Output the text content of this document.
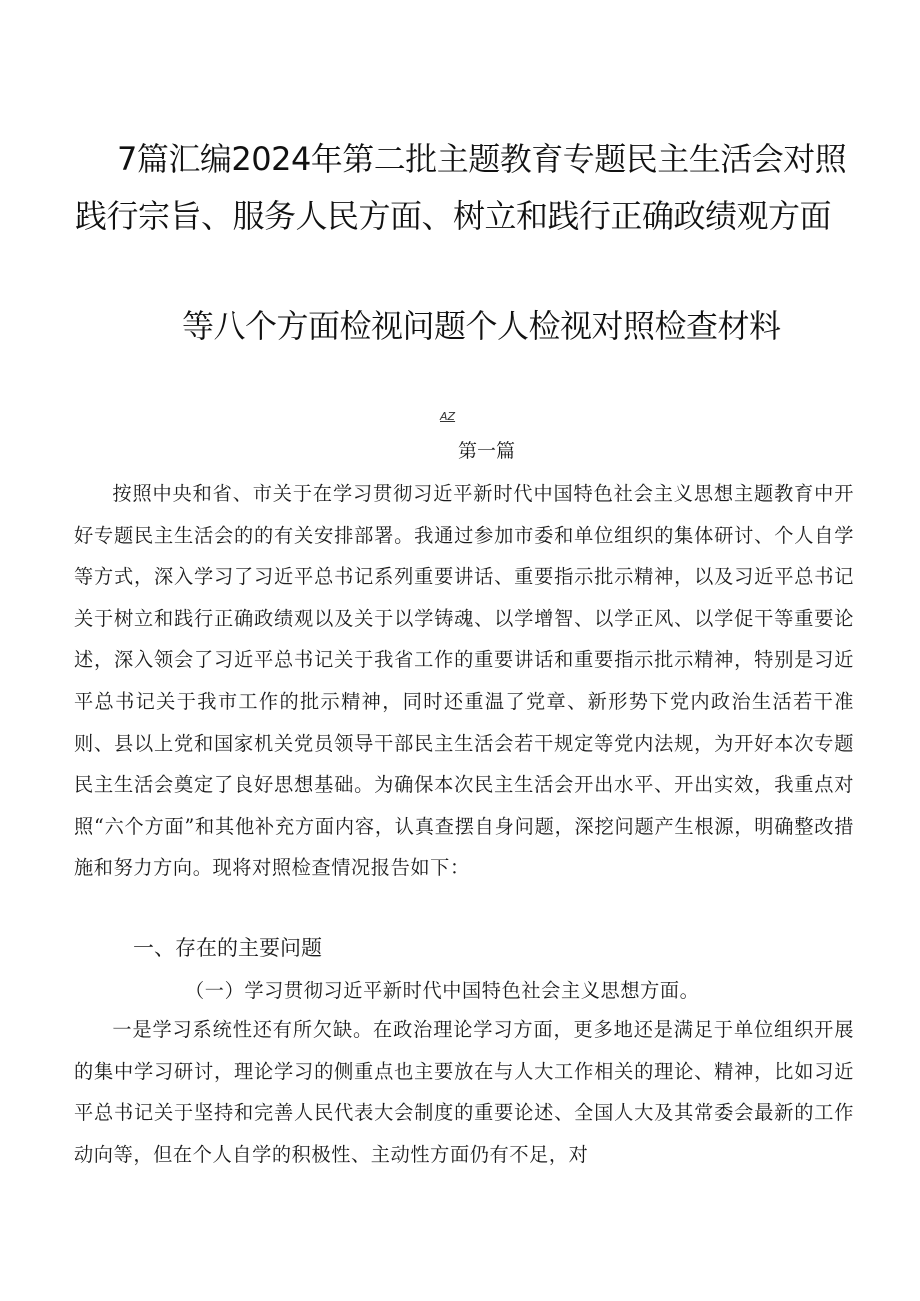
7篇汇编2024年第二批主题教育专题民主生活会对照
践行宗旨、服务人民方面、树立和践行正确政绩观方面
等八个方面检视问题个人检视对照检查材料
AZ
第一篇

按照中央和省、市关于在学习贯彻习近平新时代中国特色社会主义思想主题教育中开好专题民主生活会的的有关安排部署。我通过参加市委和单位组织的集体研讨、个人自学等方式，深入学习了习近平总书记系列重要讲话、重要指示批示精神，以及习近平总书记关于树立和践行正确政绩观以及关于以学铸魂、以学增智、以学正风、以学促干等重要论述，深入领会了习近平总书记关于我省工作的重要讲话和重要指示批示精神，特别是习近平总书记关于我市工作的批示精神，同时还重温了党章、新形势下党内政治生活若干准则、县以上党和国家机关党员领导干部民主生活会若干规定等党内法规，为开好本次专题民主生活会奠定了良好思想基础。为确保本次民主生活会开出水平、开出实效，我重点对照“六个方面”和其他补充方面内容，认真查摆自身问题，深挖问题产生根源，明确整改措施和努力方向。现将对照检查情况报告如下：

一、存在的主要问题
（一）学习贯彻习近平新时代中国特色社会主义思想方面。

一是学习系统性还有所欠缺。在政治理论学习方面，更多地还是满足于单位组织开展的集中学习研讨，理论学习的侧重点也主要放在与人大工作相关的理论、精神，比如习近平总书记关于坚持和完善人民代表大会制度的重要论述、全国人大及其常委会最新的工作动向等，但在个人自学的积极性、主动性方面仍有不足，对
